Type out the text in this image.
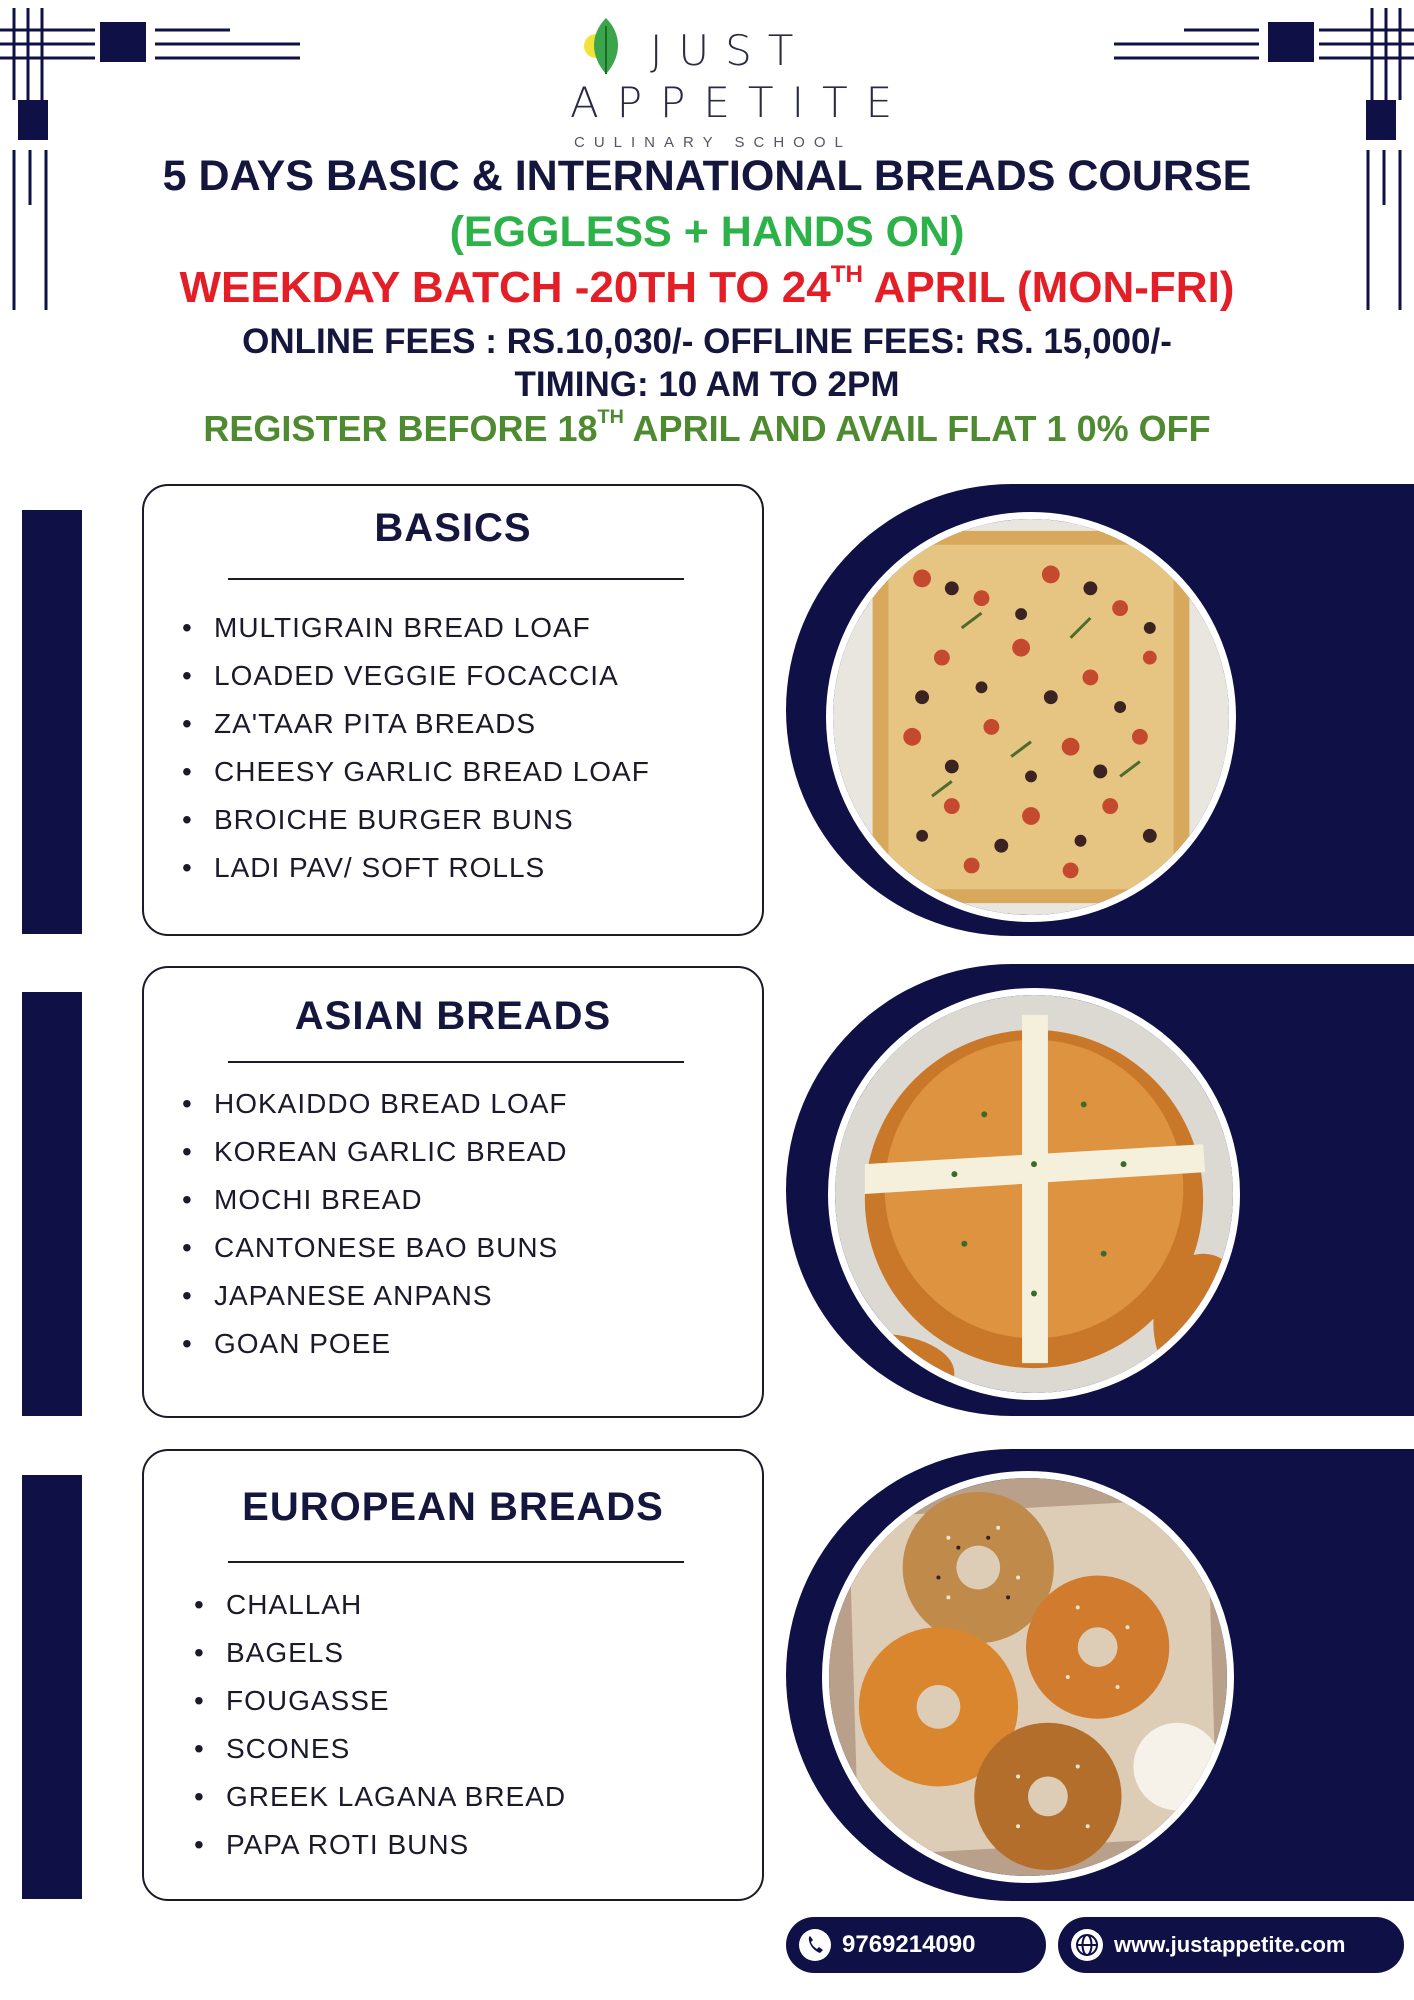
JUST
APPETITE
CULINARY SCHOOL
5 DAYS BASIC & INTERNATIONAL BREADS COURSE
(EGGLESS + HANDS ON)
WEEKDAY BATCH -20TH TO 24TH APRIL (MON-FRI)
ONLINE FEES : RS.10,030/- OFFLINE FEES: RS. 15,000/-
TIMING: 10 AM TO 2PM
REGISTER BEFORE 18TH APRIL AND AVAIL FLAT 1 0% OFF
BASICS
• MULTIGRAIN BREAD LOAF
• LOADED VEGGIE FOCACCIA
• ZA'TAAR PITA BREADS
• CHEESY GARLIC BREAD LOAF
• BROICHE BURGER BUNS
• LADI PAV/ SOFT ROLLS
ASIAN BREADS
• HOKAIDDO BREAD LOAF
• KOREAN GARLIC BREAD
• MOCHI BREAD
• CANTONESE BAO BUNS
• JAPANESE ANPANS
• GOAN POEE
EUROPEAN BREADS
• CHALLAH
• BAGELS
• FOUGASSE
• SCONES
• GREEK LAGANA BREAD
• PAPA ROTI BUNS
9769214090	www.justappetite.com
